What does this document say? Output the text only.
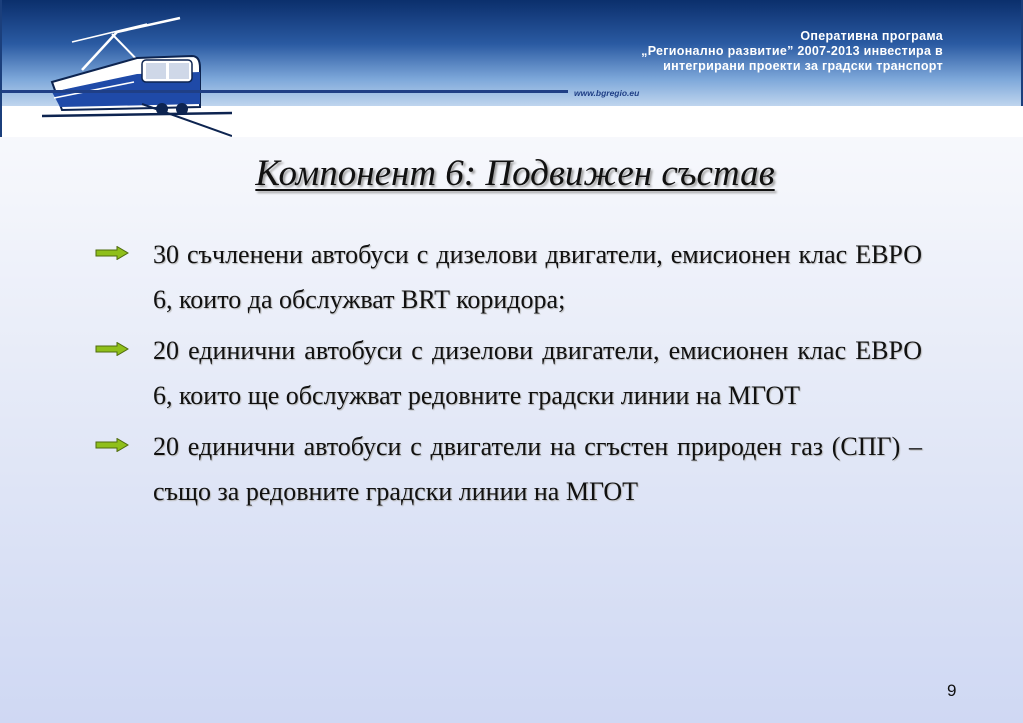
Оперативна програма
„Регионално развитие” 2007-2013 инвестира в
интегрирани проекти за градски транспорт
www.bgregio.eu
Компонент 6: Подвижен състав
30 съчленени автобуси с дизелови двигатели, емисионен клас ЕВРО 6, които да обслужват BRT коридора;
20 единични автобуси с дизелови двигатели, емисионен клас ЕВРО 6, които ще обслужват редовните градски линии на МГОТ
20 единични автобуси с двигатели на сгъстен природен газ (СПГ) – също за редовните градски линии на МГОТ
9
